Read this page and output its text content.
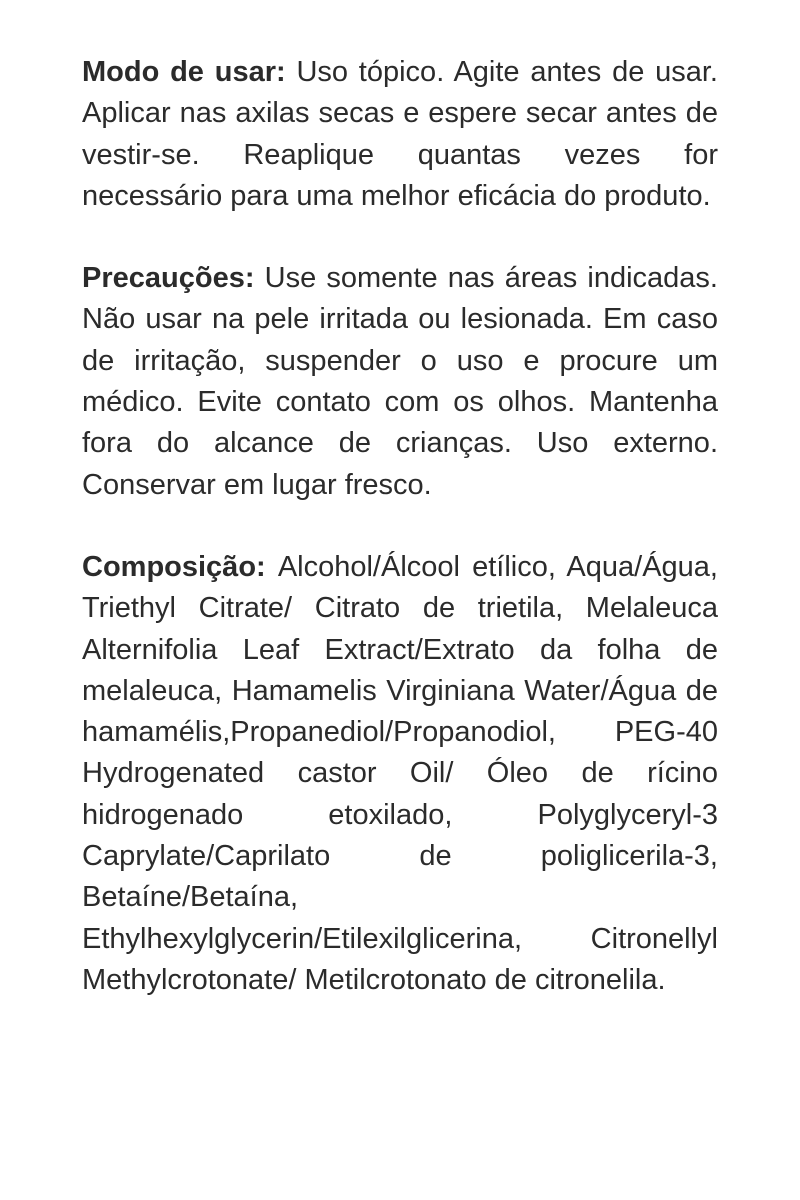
Modo de usar: Uso tópico. Agite antes de usar. Aplicar nas axilas secas e espere secar antes de vestir-se. Reaplique quantas vezes for necessário para uma melhor eficácia do produto.

Precauções: Use somente nas áreas indicadas. Não usar na pele irritada ou lesionada. Em caso de irritação, suspender o uso e procure um médico. Evite contato com os olhos. Mantenha fora do alcance de crianças. Uso externo. Conservar em lugar fresco.

Composição: Alcohol/Álcool etílico, Aqua/Água, Triethyl Citrate/ Citrato de trietila, Melaleuca Alternifolia Leaf Extract/Extrato da folha de melaleuca, Hamamelis Virginiana Water/Água de hamamélis,Propanediol/Propanodiol, PEG-40 Hydrogenated castor Oil/ Óleo de rícino hidrogenado etoxilado, Polyglyceryl-3 Caprylate/Caprilato de poliglicerila-3, Betaíne/Betaína, Ethylhexylglycerin/Etilexilglicerina, Citronellyl Methylcrotonate/ Metilcrotonato de citronelila.
